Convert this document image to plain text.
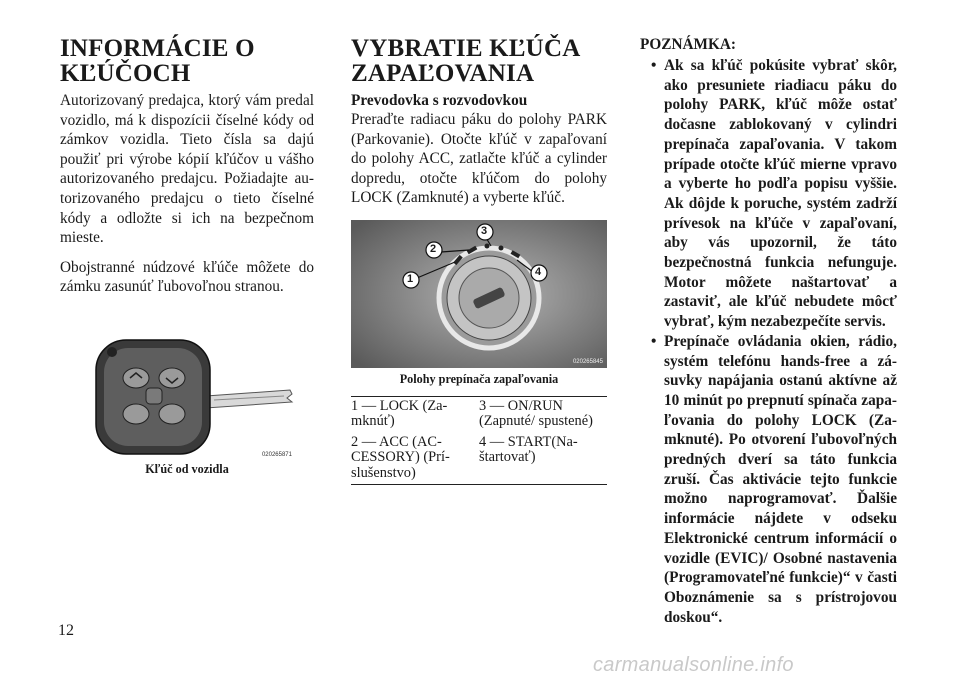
INFORMÁCIE O KĽÚČOCH

Autorizovaný predajca, ktorý vám predal vozidlo, má k dispozícii číselné kódy od zámkov vozidla. Tieto čísla sa dajú použiť pri výrobe kópií kľúčov u vášho autorizovaného predajcu. Požiadajte autorizovaného predajcu o tieto číselné kódy a odložte si ich na bezpečnom mieste.

Obojstranné núdzové kľúče môžete do zámku zasunúť ľubovoľnou stranou.

020265871
Kľúč od vozidla
VYBRATIE KĽÚČA ZAPAĽOVANIA
Prevodovka s rozvodovkou

Preraďte radiacu páku do polohy PARK (Parkovanie). Otočte kľúč v zapaľovaní do polohy ACC, zatlačte kľúč a cylinder dopredu, otočte kľúčom do polohy LOCK (Zamknuté) a vyberte kľúč.

1
2
3
4
020265845
Polohy prepínača zapaľovania
1 — LOCK (Zamknúť)	3 — ON/RUN (Zapnuté/ spustené)
2 — ACC (ACCESSORY) (Príslušenstvo)	4 — START(Naštartovať)
POZNÁMKA:
• Ak sa kľúč pokúsite vybrať skôr, ako presuniete riadiacu páku do polohy PARK, kľúč môže ostať dočasne zablokovaný v cylindri prepínača zapaľovania. V takom prípade otočte kľúč mierne vpravo a vyberte ho podľa popisu vyššie. Ak dôjde k poruche, systém zadrží prívesok na kľúče v zapaľovaní, aby vás upozornil, že táto bezpečnostná funkcia nefunguje. Motor môžete naštartovať a zastaviť, ale kľúč nebudete môcť vybrať, kým nezabezpečíte servis.
• Prepínače ovládania okien, rádio, systém telefónu hands-free a zásuvky napájania ostanú aktívne až 10 minút po prepnutí spínača zapaľovania do polohy LOCK (Zamknuté). Po otvorení ľubovoľných predných dverí sa táto funkcia zruší. Čas aktivácie tejto funkcie možno naprogramovať. Ďalšie informácie nájdete v odseku Elektronické centrum informácií o vozidle (EVIC)/ Osobné nastavenia (Programovateľné funkcie)“ v časti Oboznámenie sa s prístrojovou doskou“.
12
carmanualsonline.info
